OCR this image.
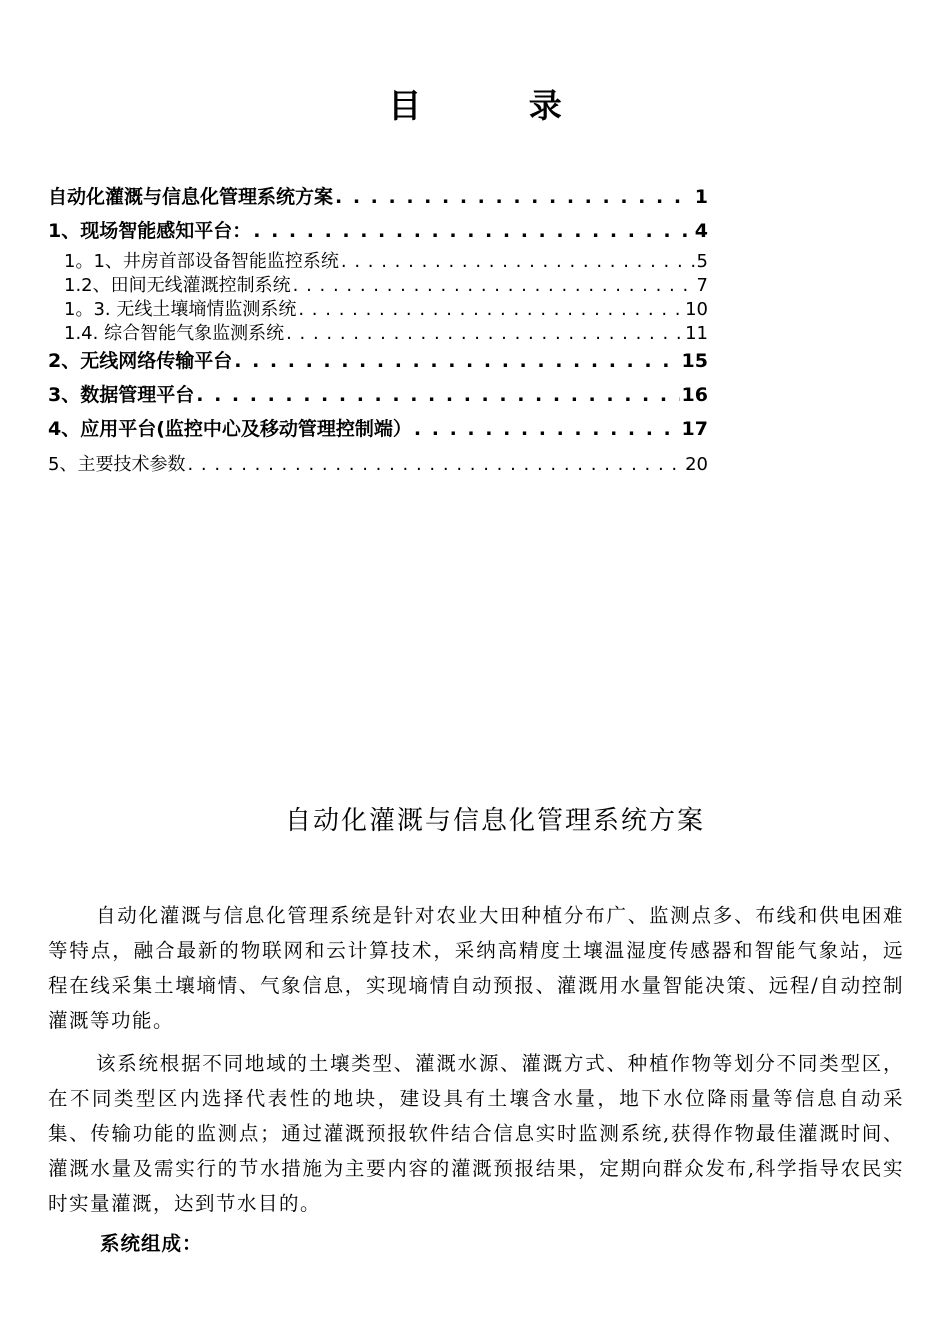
目 录
自动化灌溉与信息化管理系统方案 . . .	1
1、现场智能感知平台： . . .	4
1。1、井房首部设备智能监控系统 . . .	5
1.2、田间无线灌溉控制系统 . . .	7
1。3. 无线土壤墒情监测系统 . . .	10
1.4. 综合智能气象监测系统 . . .	11
2、无线网络传输平台 . . .	15
3、数据管理平台 . . .	16
4、应用平台(监控中心及移动管理控制端） . . .	17
5、主要技术参数 . . .	20
自动化灌溉与信息化管理系统方案

自动化灌溉与信息化管理系统是针对农业大田种植分布广、监测点多、布线和供电困难等特点，融合最新的物联网和云计算技术，采纳高精度土壤温湿度传感器和智能气象站，远程在线采集土壤墒情、气象信息，实现墒情自动预报、灌溉用水量智能决策、远程/自动控制灌溉等功能。

该系统根据不同地域的土壤类型、灌溉水源、灌溉方式、种植作物等划分不同类型区，在不同类型区内选择代表性的地块，建设具有土壤含水量，地下水位降雨量等信息自动采集、传输功能的监测点；通过灌溉预报软件结合信息实时监测系统,获得作物最佳灌溉时间、灌溉水量及需实行的节水措施为主要内容的灌溉预报结果，定期向群众发布,科学指导农民实时实量灌溉，达到节水目的。

系统组成：
